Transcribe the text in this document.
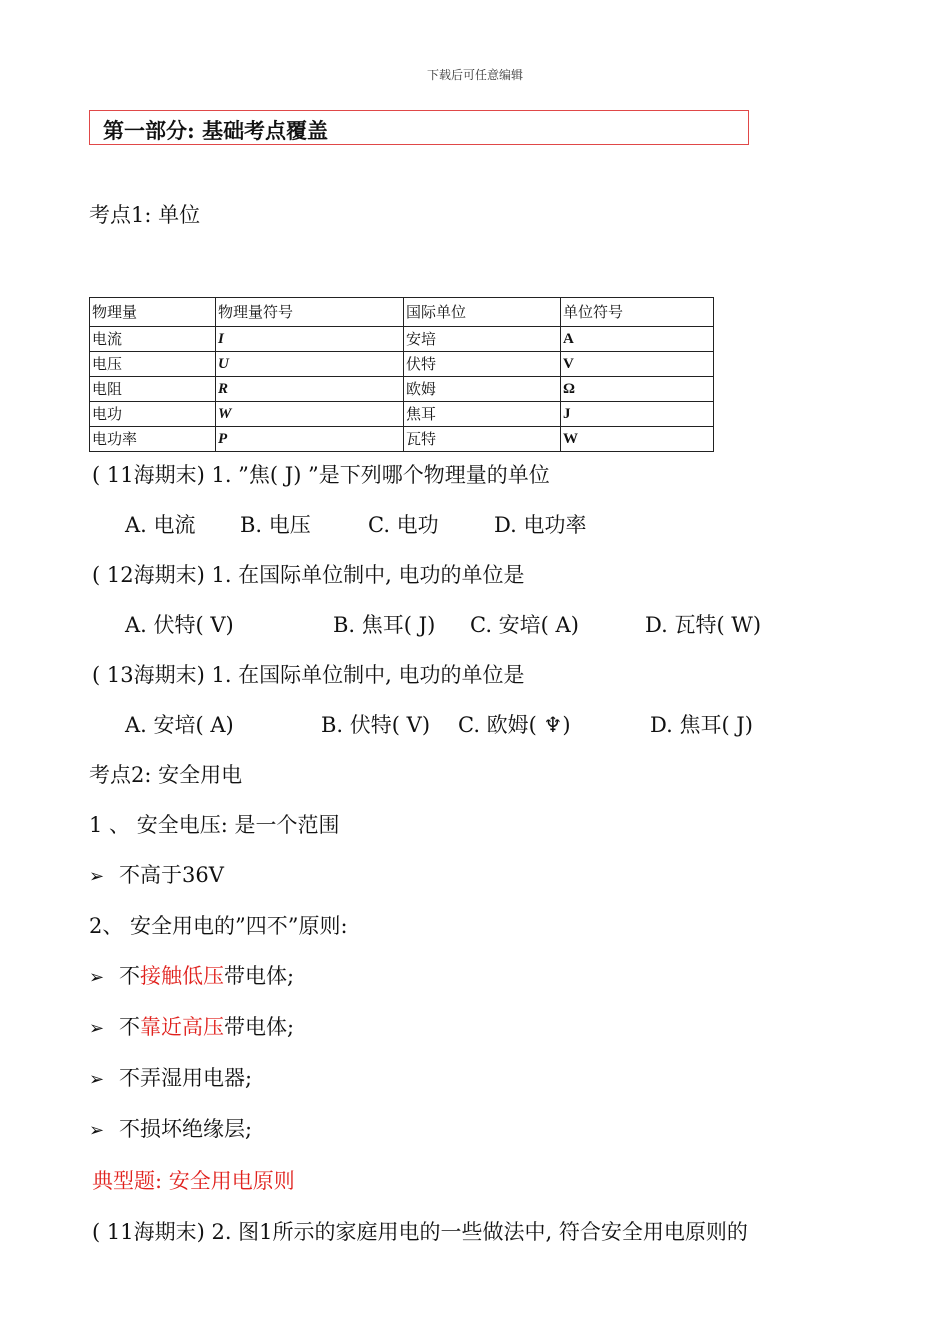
下载后可任意编辑
第一部分: 基础考点覆盖
考点1: 单位
物理量	物理量符号	国际单位	单位符号
电流	I	安培	A
电压	U	伏特	V
电阻	R	欧姆	Ω
电功	W	焦耳	J
电功率	P	瓦特	W
( 11海期末) 1. ”焦( J) ”是下列哪个物理量的单位
A. 电流 B. 电压	C. 电功	D. 电功率
( 12海期末) 1. 在国际单位制中, 电功的单位是
A. 伏特( V)	B. 焦耳( J) C. 安培( A)	D. 瓦特( W)
( 13海期末) 1. 在国际单位制中, 电功的单位是
A. 安培( A)	B. 伏特( V) C. 欧姆( ♆)	D. 焦耳( J)
考点2: 安全用电
1 、 安全电压: 是一个范围
➢ 不高于36V
2、 安全用电的”四不”原则:
➢ 不接触低压带电体;
➢ 不靠近高压带电体;
➢ 不弄湿用电器;
➢ 不损坏绝缘层;
典型题: 安全用电原则
( 11海期末) 2. 图1所示的家庭用电的一些做法中, 符合安全用电原则的
